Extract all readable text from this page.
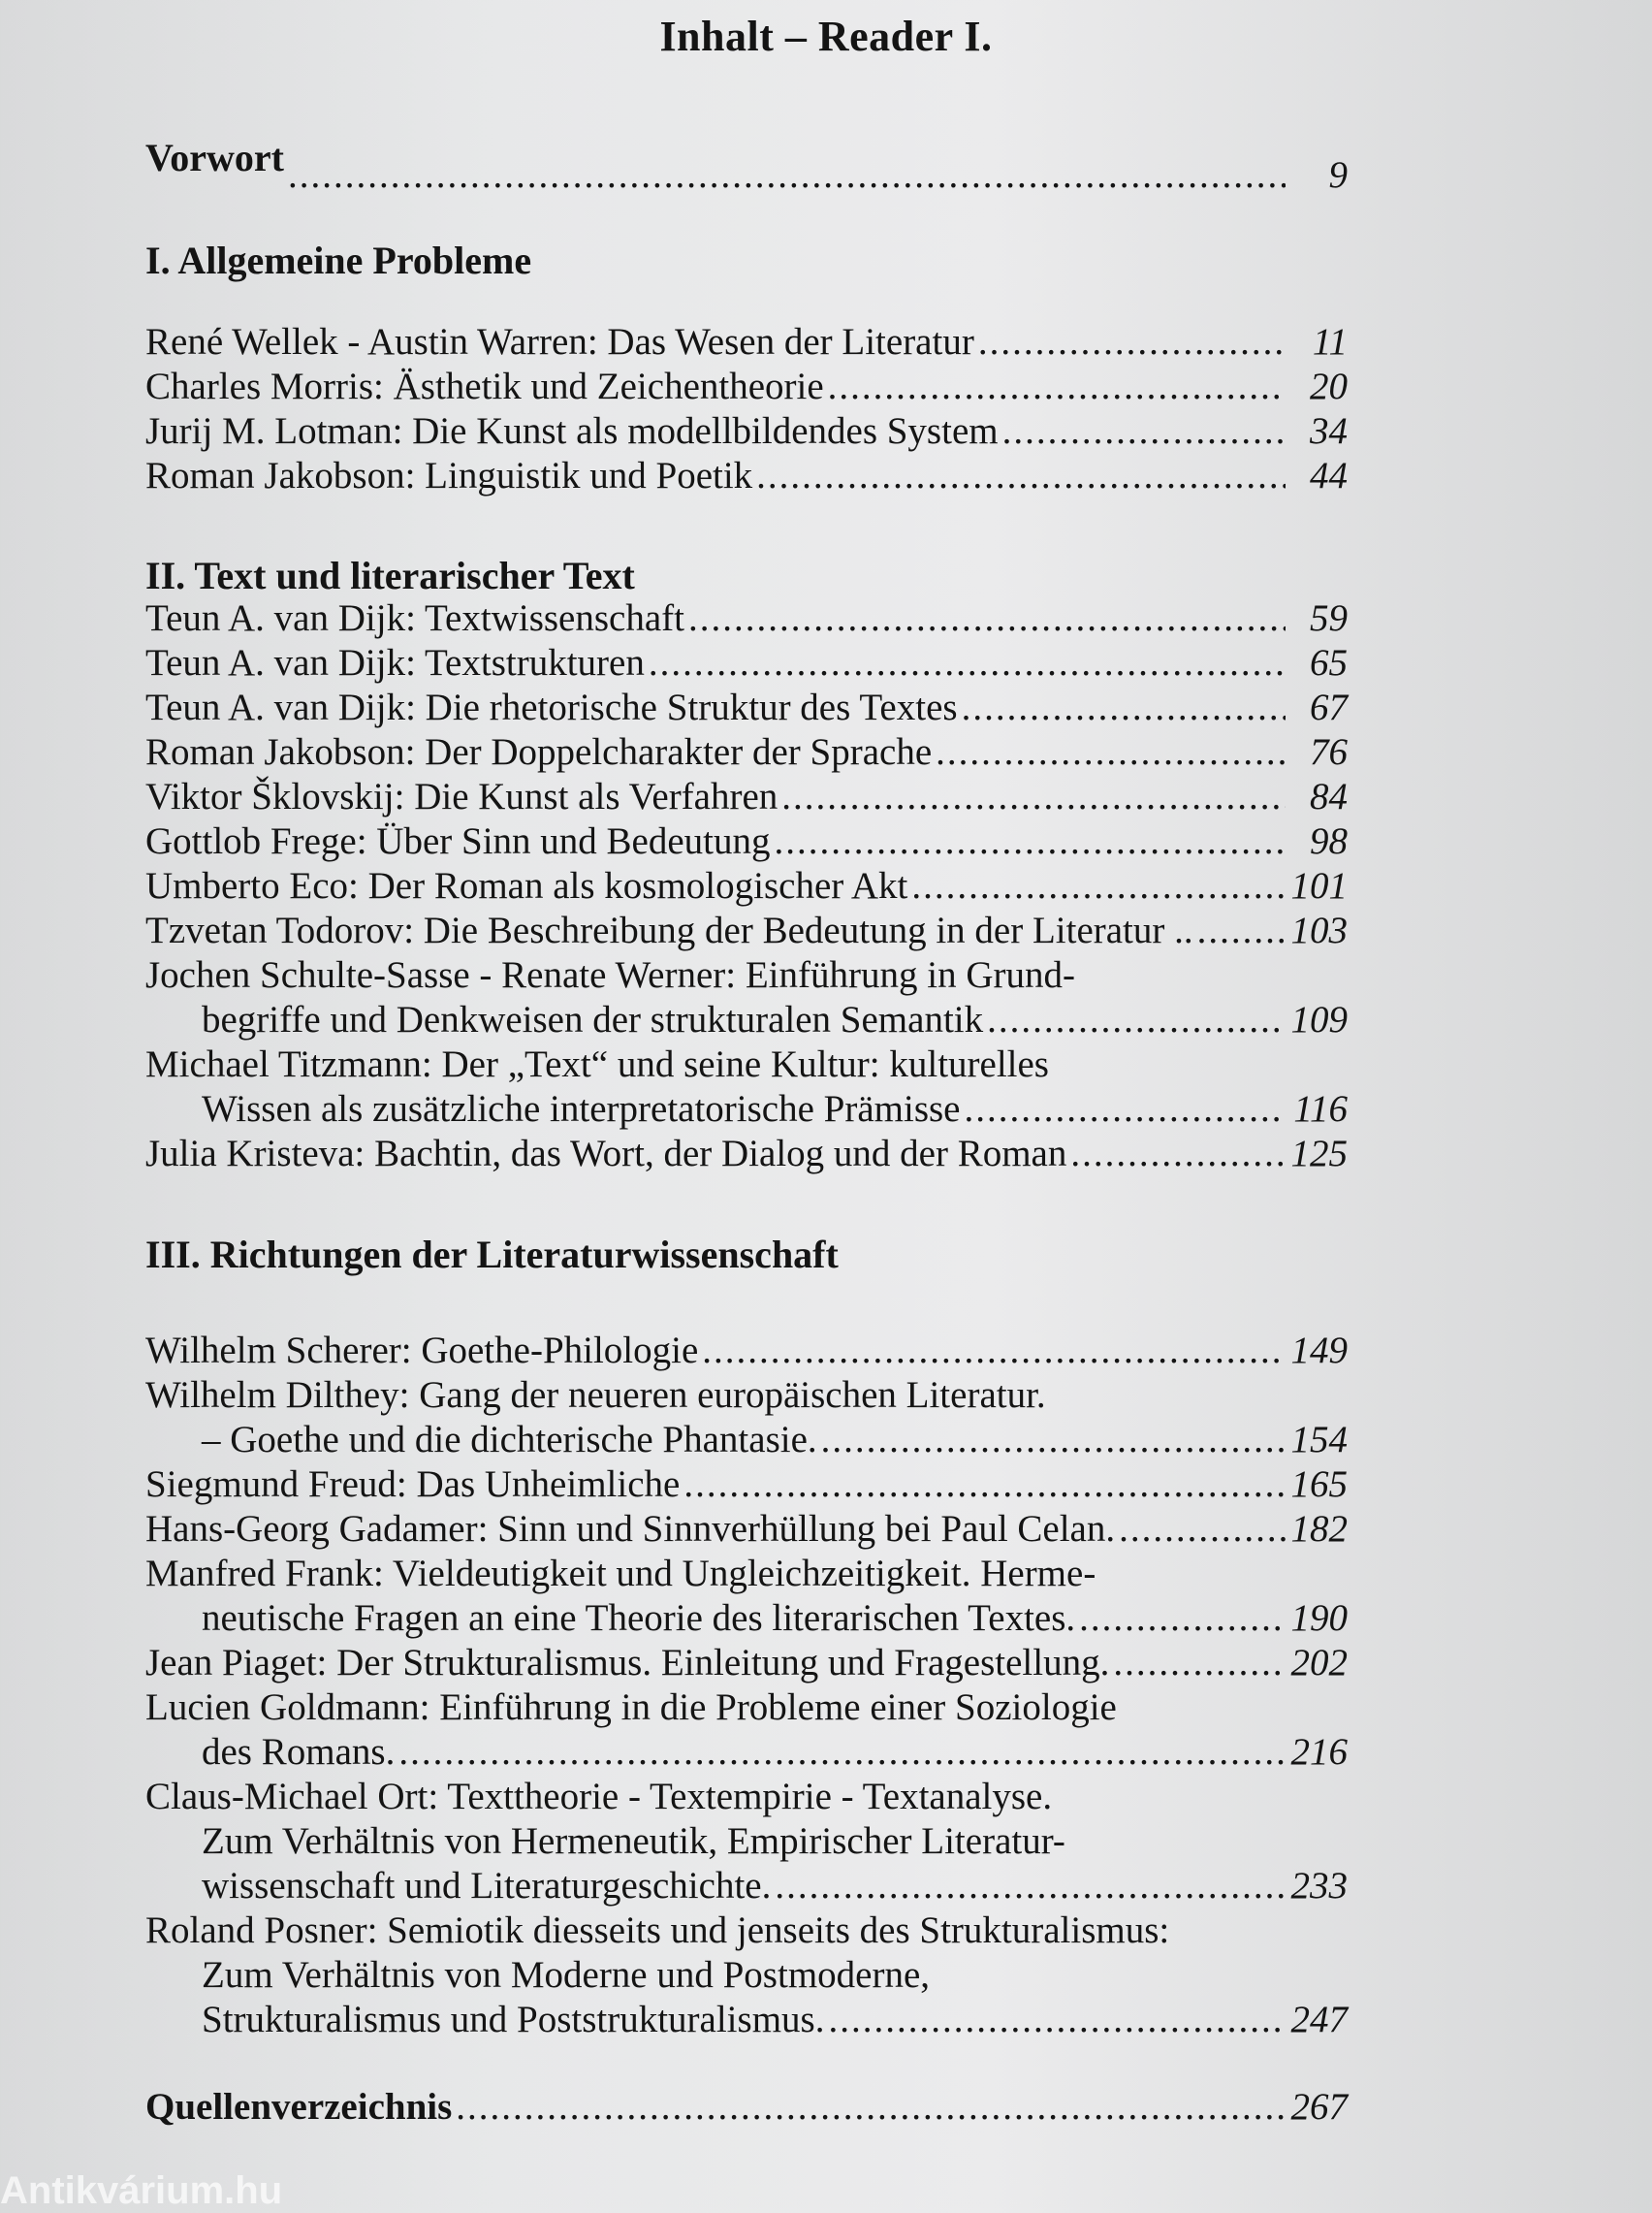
Inhalt – Reader I.
Vorwort .....	9
I. Allgemeine Probleme
René Wellek - Austin Warren: Das Wesen der Literatur .....	11
Charles Morris: Ästhetik und Zeichentheorie .....	20
Jurij M. Lotman: Die Kunst als modellbildendes System .....	34
Roman Jakobson: Linguistik und Poetik .....	44
II. Text und literarischer Text
Teun A. van Dijk: Textwissenschaft .....	59
Teun A. van Dijk: Textstrukturen .....	65
Teun A. van Dijk: Die rhetorische Struktur des Textes .....	67
Roman Jakobson: Der Doppelcharakter der Sprache .....	76
Viktor Šklovskij: Die Kunst als Verfahren .....	84
Gottlob Frege: Über Sinn und Bedeutung .....	98
Umberto Eco: Der Roman als kosmologischer Akt .....	101
Tzvetan Todorov: Die Beschreibung der Bedeutung in der Literatur .. .....	103
Jochen Schulte-Sasse - Renate Werner: Einführung in Grund-
begriffe und Denkweisen der strukturalen Semantik .....	109
Michael Titzmann: Der „Text“ und seine Kultur: kulturelles
Wissen als zusätzliche interpretatorische Prämisse .....	116
Julia Kristeva: Bachtin, das Wort, der Dialog und der Roman .....	125
III. Richtungen der Literaturwissenschaft
Wilhelm Scherer: Goethe-Philologie .....	149
Wilhelm Dilthey: Gang der neueren europäischen Literatur.
– Goethe und die dichterische Phantasie. .....	154
Siegmund Freud: Das Unheimliche .....	165
Hans-Georg Gadamer: Sinn und Sinnverhüllung bei Paul Celan. .....	182
Manfred Frank: Vieldeutigkeit und Ungleichzeitigkeit. Herme-
neutische Fragen an eine Theorie des literarischen Textes. .....	190
Jean Piaget: Der Strukturalismus. Einleitung und Fragestellung. .....	202
Lucien Goldmann: Einführung in die Probleme einer Soziologie
des Romans. .....	216
Claus-Michael Ort: Texttheorie - Textempirie - Textanalyse.
Zum Verhältnis von Hermeneutik, Empirischer Literatur-
wissenschaft und Literaturgeschichte. .....	233
Roland Posner: Semiotik diesseits und jenseits des Strukturalismus:
Zum Verhältnis von Moderne und Postmoderne,
Strukturalismus und Poststrukturalismus. .....	247
Quellenverzeichnis .....	267
Antikvárium.hu
